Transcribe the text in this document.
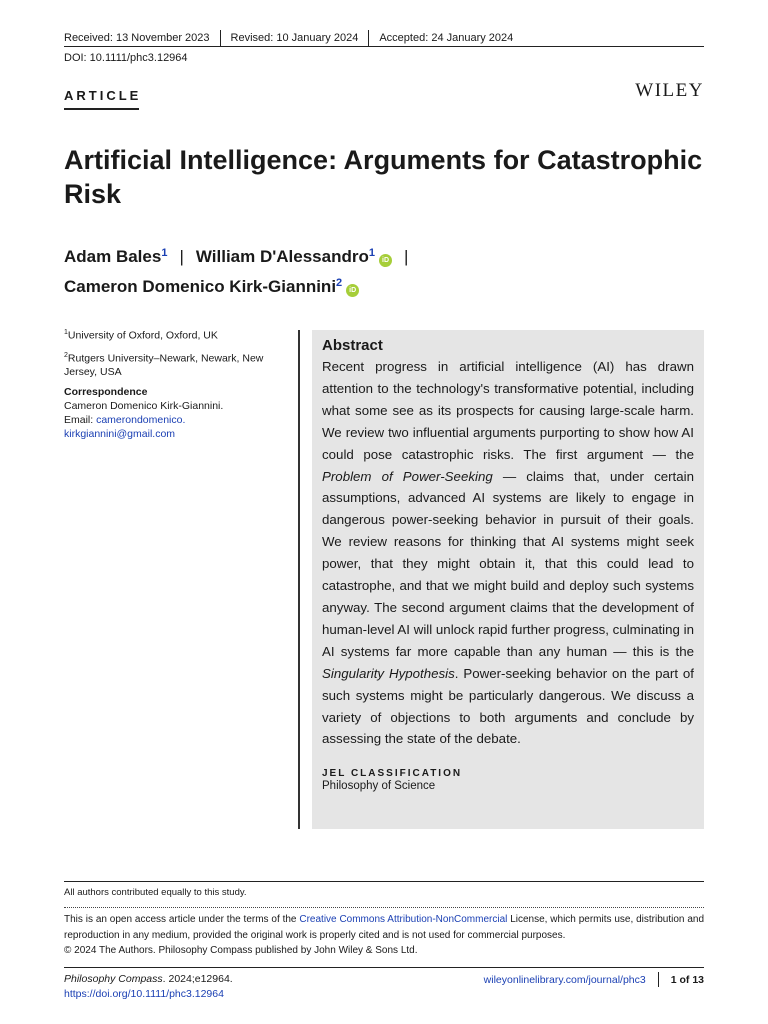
Received: 13 November 2023 Revised: 10 January 2024 Accepted: 24 January 2024
DOI: 10.1111/phc3.12964
ARTICLE	WILEY
Artificial Intelligence: Arguments for Catastrophic Risk
Adam Bales$^1$ | William D'Alessandro$^1$iD |
Cameron Domenico Kirk-Giannini$^2$iD

$^1$University of Oxford, Oxford, UK

$^2$Rutgers University–Newark, Newark, New Jersey, USA

Correspondence

Cameron Domenico Kirk-Giannini.

Email: camerondomenico.

kirkgiannini@gmail.com

Abstract

Recent progress in artificial intelligence (AI) has drawn attention to the technology's transformative potential, including what some see as its prospects for causing large-scale harm. We review two influential arguments purporting to show how AI could pose catastrophic risks. The first argument — the Problem of Power-Seeking — claims that, under certain assumptions, advanced AI systems are likely to engage in dangerous power-seeking behavior in pursuit of their goals. We review reasons for thinking that AI systems might seek power, that they might obtain it, that this could lead to catastrophe, and that we might build and deploy such systems anyway. The second argument claims that the development of human-level AI will unlock rapid further progress, culminating in AI systems far more capable than any human — this is the Singularity Hypothesis. Power-seeking behavior on the part of such systems might be particularly dangerous. We discuss a variety of objections to both arguments and conclude by assessing the state of the debate.

JEL CLASSIFICATION
Philosophy of Science
All authors contributed equally to this study.

This is an open access article under the terms of the Creative Commons Attribution-NonCommercial License, which permits use, distribution and reproduction in any medium, provided the original work is properly cited and is not used for commercial purposes.

© 2024 The Authors. Philosophy Compass published by John Wiley & Sons Ltd.

Philosophy Compass. 2024;e12964.
https://doi.org/10.1111/phc3.12964
wileyonlinelibrary.com/journal/phc3 1 of 13
